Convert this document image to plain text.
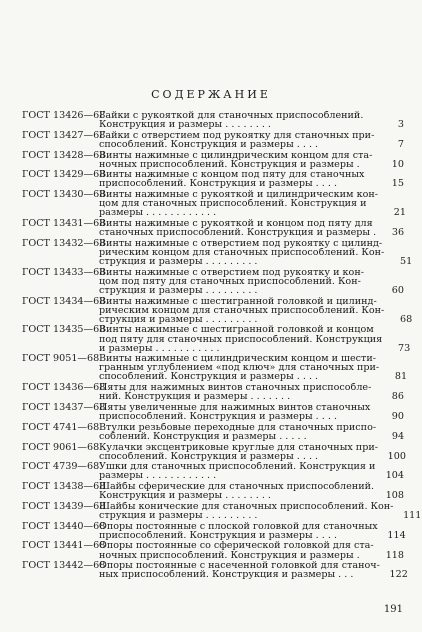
СОДЕРЖАНИЕ
ГОСТ 13426—68
Гайки с рукояткой для станочных приспособлений.
Конструкция и размеры . . . . . . . .	3
ГОСТ 13427—68
Гайки с отверстием под рукоятку для станочных при-
способлений. Конструкция и размеры . . . .	7
ГОСТ 13428—68
Винты нажимные с цилиндрическим концом для ста-
ночных приспособлений. Конструкция и размеры .	10
ГОСТ 13429—68
Винты нажимные с концом под пяту для станочных
приспособлений. Конструкция и размеры . . . .	15
ГОСТ 13430—68
Винты нажимные с рукояткой и цилиндрическим кон-
цом для станочных приспособлений. Конструкция и
размеры . . . . . . . . . . . .	21
ГОСТ 13431—68
Винты нажимные с рукояткой и концом под пяту для
станочных приспособлений. Конструкция и размеры .	36
ГОСТ 13432—68
Винты нажимные с отверстием под рукоятку с цилинд-
рическим концом для станочных приспособлений. Кон-
струкция и размеры . . . . . . . . .	51
ГОСТ 13433—68
Винты нажимные с отверстием под рукоятку и кон-
цом под пяту для станочных приспособлений. Кон-
струкция и размеры . . . . . . . . .	60
ГОСТ 13434—68
Винты нажимные с шестигранной головкой и цилинд-
рическим концом для станочных приспособлений. Кон-
струкция и размеры . . . . . . . . .	68
ГОСТ 13435—68
Винты нажимные с шестигранной головкой и концом
под пяту для станочных приспособлений. Конструкция
и размеры . . . . . . . . . . .	73
ГОСТ 9051—68 Винты нажимные с цилиндрическим концом и шести-
гранным углублением «под ключ» для станочных при-
способлений. Конструкция и размеры . . . .	81
ГОСТ 13436—68
Пяты для нажимных винтов станочных приспособле-
ний. Конструкция и размеры . . . . . . .	86
ГОСТ 13437—68
Пяты увеличенные для нажимных винтов станочных
приспособлений. Конструкция и размеры . . . .	90
ГОСТ 4741—68 Втулки резьбовые переходные для станочных приспо-
соблений. Конструкция и размеры . . . . .	94
ГОСТ 9061—68 Кулачки эксцентриковые круглые для станочных при-
способлений. Конструкция и размеры . . . .	100
ГОСТ 4739—68 Ушки для станочных приспособлений. Конструкция и
размеры . . . . . . . . . . . .	104
ГОСТ 13438—68
Шайбы сферические для станочных приспособлений.
Конструкция и размеры . . . . . . . .	108
ГОСТ 13439—68
Шайбы конические для станочных приспособлений. Кон-
струкция и размеры . . . . . . . . .	111
ГОСТ 13440—68
Опоры постоянные с плоской головкой для станочных
приспособлений. Конструкция и размеры . . . .	114
ГОСТ 13441—68
Опоры постоянные со сферической головкой для ста-
ночных приспособлений. Конструкция и размеры .	118
ГОСТ 13442—68
Опоры постоянные с насеченной головкой для станоч-
ных приспособлений. Конструкция и размеры . . .	122
191
